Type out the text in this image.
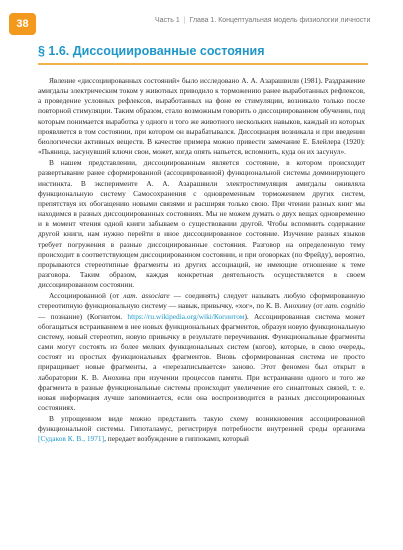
38	Часть 1 | Глава 1. Концептуальная модель физиологии личности
§ 1.6. Диссоциированные состояния

Явление «диссоциированных состояний» было исследовано А. А. Азарашвили (1981). Раздражение амигдалы электрическим током у животных приводило к торможению ранее выработанных рефлексов, а проведение условных рефлексов, выработанных на фоне ее стимуляции, возникало только после повторной стимуляции. Таким образом, стало возможным говорить о диссоциированном обучении, под которым понимается выработка у одного и того же животного нескольких навыков, каждый из которых проявляется в том состоянии, при котором он вырабатывался. Диссоциация возникала и при введении биологически активных веществ. В качестве примера можно привести замечание Е. Блейлера (1920): «Пьяница, засунувший ключи свои, может, когда опять напьется, вспомнить, куда он их засунул».

В нашем представлении, диссоциированным является состояние, в котором происходит развертывание ранее сформированной (ассоциированной) функциональной системы доминирующего инстинкта. В эксперименте А. А. Азарашвили электростимуляция амигдалы оживляла функциональную систему Самосохранения с одновременным торможением других систем, препятствуя их обогащению новыми связями и расширяя только свою. При чтении разных книг мы находимся в разных диссоциированных состояниях. Мы не можем думать о двух вещах одновременно и в момент чтения одной книги забываем о существовании другой. Чтобы вспомнить содержание другой книги, нам нужно перейти в иное диссоциированное состояние. Изучение разных языков требует погружения в разные диссоциированные состояния. Разговор на определенную тему происходит в соответствующем диссоциированном состоянии, и при оговорках (по Фрейду), вероятно, прорываются стереотипные фрагменты из других ассоциаций, не имеющие отношение к теме разговора. Таким образом, каждая конкретная деятельность осуществляется в своем диссоциированном состоянии.

Ассоциированной (от лат. associare — соединять) следует называть любую сформированную стереотипную функциональную систему — навык, привычку, «хог», по К. В. Анохину (от лат. cognitio — познание) (Когнитом. https://ru.wikipedia.org/wiki/Когнитом). Ассоциированная система может обогащаться встраиванием в нее новых функциональных фрагментов, образуя новую функциональную систему, новый стереотип, новую привычку в результате переучивания. Функциональные фрагменты сами могут состоять из более мелких функциональных систем (когов), которые, в свою очередь, состоят из простых функциональных фрагментов. Вновь сформированная система не просто приращивает новые фрагменты, а «перезаписывается» заново. Этот феномен был открыт в лаборатории К. В. Анохина при изучении процессов памяти. При встраивании одного и того же фрагмента в разные функциональные системы происходит увеличение его синаптовых связей, т. е. новая информация лучше запоминается, если она воспроизводится в разных диссоциированных состояниях.

В упрощенном виде можно представить такую схему возникновения ассоциированной функциональной системы. Гипоталамус, регистрируя потребности внутренней среды организма [Судаков К. В., 1971], передает возбуждение в гиппокамп, который
